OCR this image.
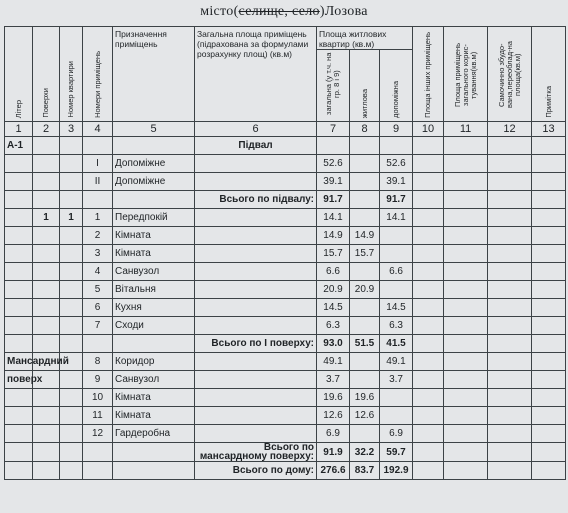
місто(селище, село)Лозова
Літер	Поверхи	Номер квартири	Номери приміщень	Призначення приміщень	Загальна площа приміщень (підрахована за формулами розрахунку площ) (кв.м)	Площа житлових квартир (кв.м)			Площа інших приміщень	Площа приміщень загального корис-тування(кв.м)	Самочинно збудо-вана,переоблад-на площа(кв.м)	Примітка
						загальна (у т.ч. на гр. 8 і 9)	житлова	допоміжна				
1	2	3	4	5	6	7	8	9	10	11	12	13
А-1					Підвал							
			I	Допоміжне		52.6		52.6				
			II	Допоміжне		39.1		39.1				
					Всього по підвалу:	91.7		91.7				
	1	1	1	Передпокій		14.1		14.1				
			2	Кімната		14.9	14.9					
			3	Кімната		15.7	15.7					
			4	Санвузол		6.6		6.6				
			5	Вітальня		20.9	20.9					
			6	Кухня		14.5		14.5				
			7	Сходи		6.3		6.3				
					Всього по І поверху:	93.0	51.5	41.5				
Мансардний			8	Коридор		49.1		49.1				
поверх			9	Санвузол		3.7		3.7				
			10	Кімната		19.6	19.6					
			11	Кімната		12.6	12.6					
			12	Гардеробна		6.9		6.9				
					Всього по мансардному поверху:	91.9	32.2	59.7				
					Всього по дому:	276.6	83.7	192.9				
